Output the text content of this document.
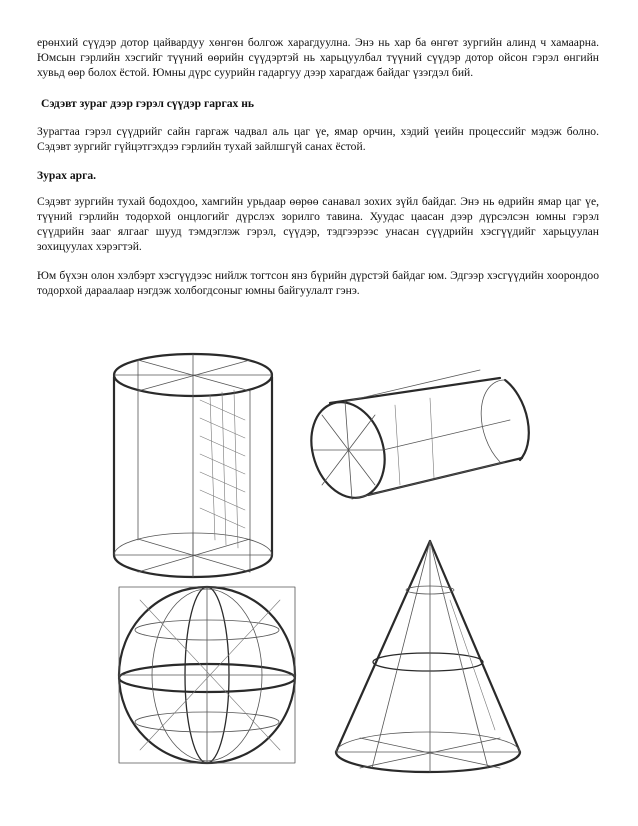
ерөнхий сүүдэр дотор цайвардуу хөнгөн болгож харагдуулна. Энэ нь хар ба өнгөт зургийн алинд ч хамаарна. Юмсын гэрлийн хэсгийг түүний өөрийн сүүдэртэй нь харьцуулбал түүний сүүдэр дотор ойсон гэрэл өнгийн хувьд өөр болох ёстой. Юмны дүрс суурийн гадаргуу дээр харагдаж байдаг үзэгдэл бий.

Сэдэвт зураг дээр гэрэл сүүдэр гаргах нь

Зурагтаа гэрэл сүүдрийг сайн гаргаж чадвал аль цаг үе, ямар орчин, хэдий үеийн процессийг мэдэж болно. Сэдэвт зургийг гүйцэтгэхдээ гэрлийн тухай зайлшгүй санах ёстой.

Зурах арга.

Сэдэвт зургийн тухай бодохдоо, хамгийн урьдаар өөрөө санавал зохих зүйл байдаг. Энэ нь өдрийн ямар цаг үе, түүний гэрлийн тодорхой онцлогийг дүрслэх зорилго тавина. Хуудас цаасан дээр дүрсэлсэн юмны гэрэл сүүдрийн зааг ялгааг шууд тэмдэглэж гэрэл, сүүдэр, тэдгээрээс унасан сүүдрийн хэсгүүдийг харьцуулан зохицуулах хэрэгтэй.

Юм бүхэн олон хэлбэрт хэсгүүдээс нийлж тогтсон янз бүрийн дүрстэй байдаг юм. Эдгээр хэсгүүдийн хоорондоо тодорхой дараалаар нэгдэж холбогдсоныг юмны байгуулалт гэнэ.
